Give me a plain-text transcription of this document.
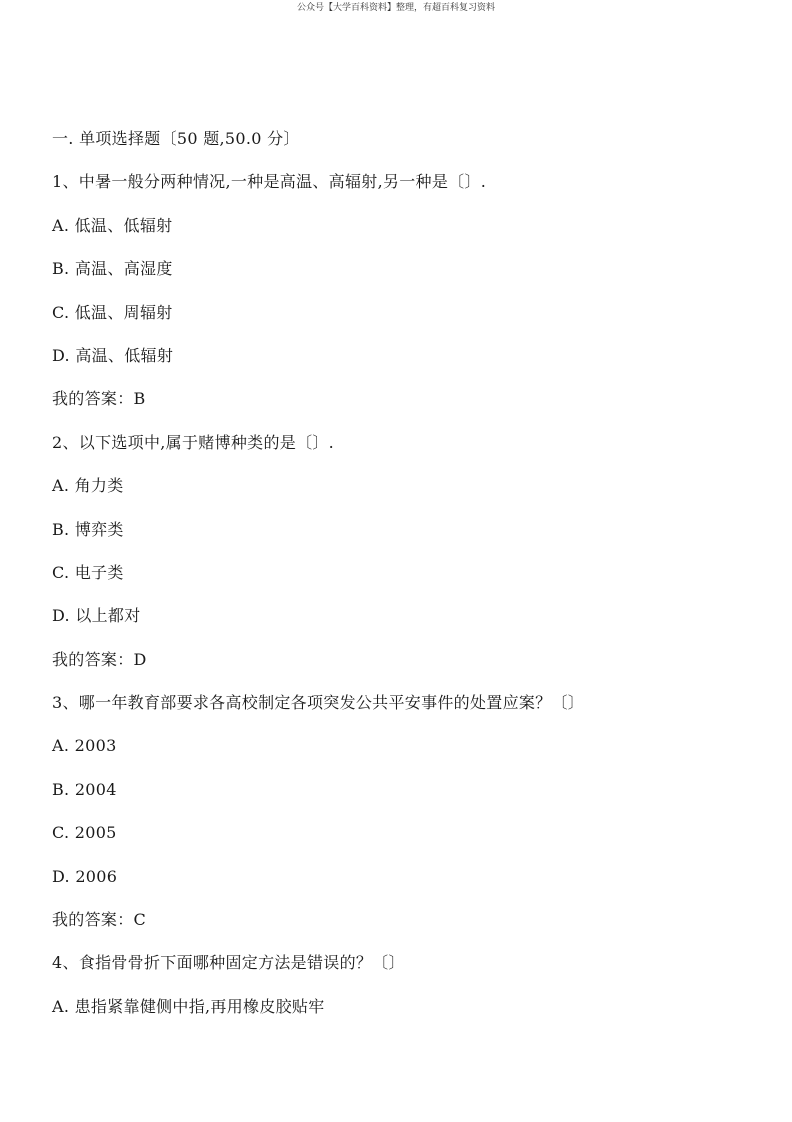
公众号【大学百科资料】整理，有超百科复习资料
一. 单项选择题〔50 题,50.0 分〕
1、中暑一般分两种情况,一种是高温、高辐射,另一种是〔〕.
A. 低温、低辐射
B. 高温、高湿度
C. 低温、周辐射
D. 高温、低辐射
我的答案：B
2、以下选项中,属于赌博种类的是〔〕.
A. 角力类
B. 博弈类
C. 电子类
D. 以上都对
我的答案：D
3、哪一年教育部要求各高校制定各项突发公共平安事件的处置应案？〔〕
A. 2003
B. 2004
C. 2005
D. 2006
我的答案：C
4、食指骨骨折下面哪种固定方法是错误的？〔〕
A. 患指紧靠健侧中指,再用橡皮胶贴牢
